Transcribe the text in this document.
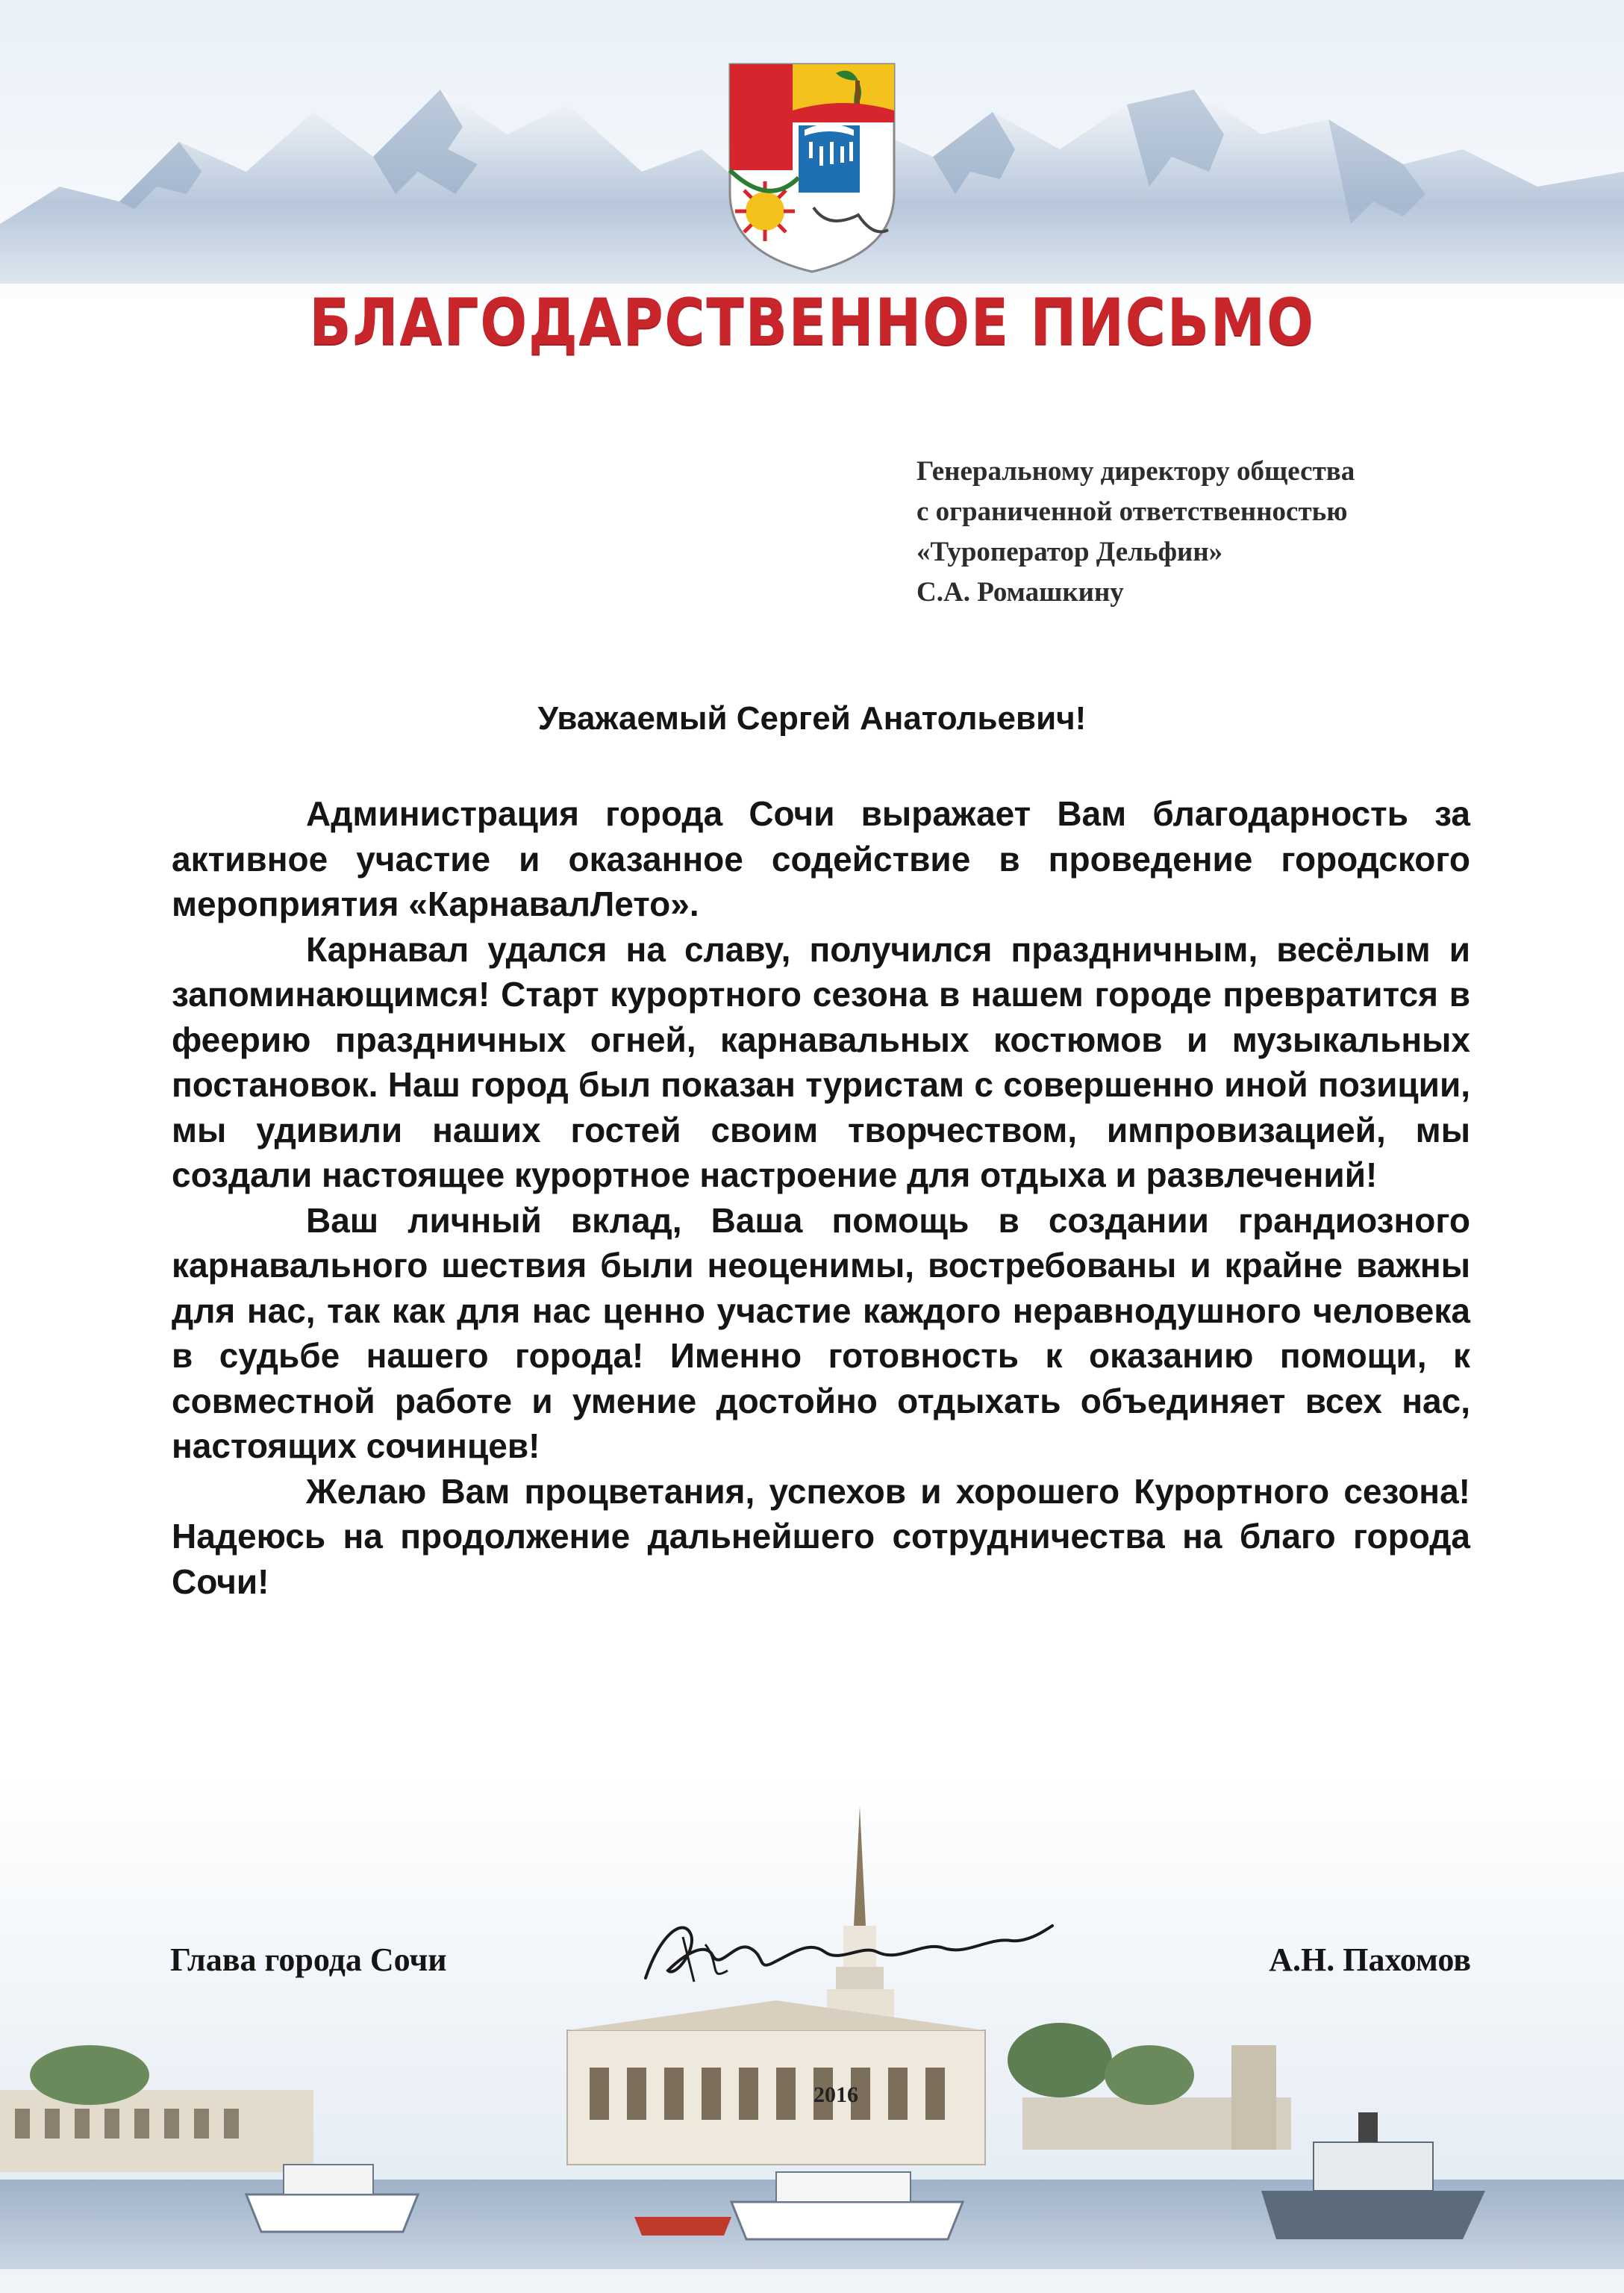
БЛАГОДАРСТВЕННОЕ ПИСЬМО
Генеральному директору общества
с ограниченной ответственностью
«Туроператор Дельфин»
С.А. Ромашкину
Уважаемый Сергей Анатольевич!

Администрация города Сочи выражает Вам благодарность за активное участие и оказанное содействие в проведение городского мероприятия «КарнавалЛето».

Карнавал удался на славу, получился праздничным, весёлым и запоминающимся! Старт курортного сезона в нашем городе превратится в феерию праздничных огней, карнавальных костюмов и музыкальных постановок. Наш город был показан туристам с совершенно иной позиции, мы удивили наших гостей своим творчеством, импровизацией, мы создали настоящее курортное настроение для отдыха и развлечений!

Ваш личный вклад, Ваша помощь в создании грандиозного карнавального шествия были неоценимы, востребованы и крайне важны для нас, так как для нас ценно участие каждого неравнодушного человека в судьбе нашего города! Именно готовность к оказанию помощи, к совместной работе и умение достойно отдыхать объединяет всех нас, настоящих сочинцев!

Желаю Вам процветания, успехов и хорошего Курортного сезона! Надеюсь на продолжение дальнейшего сотрудничества на благо города Сочи!

Глава города Сочи	А.Н. Пахомов
2016
